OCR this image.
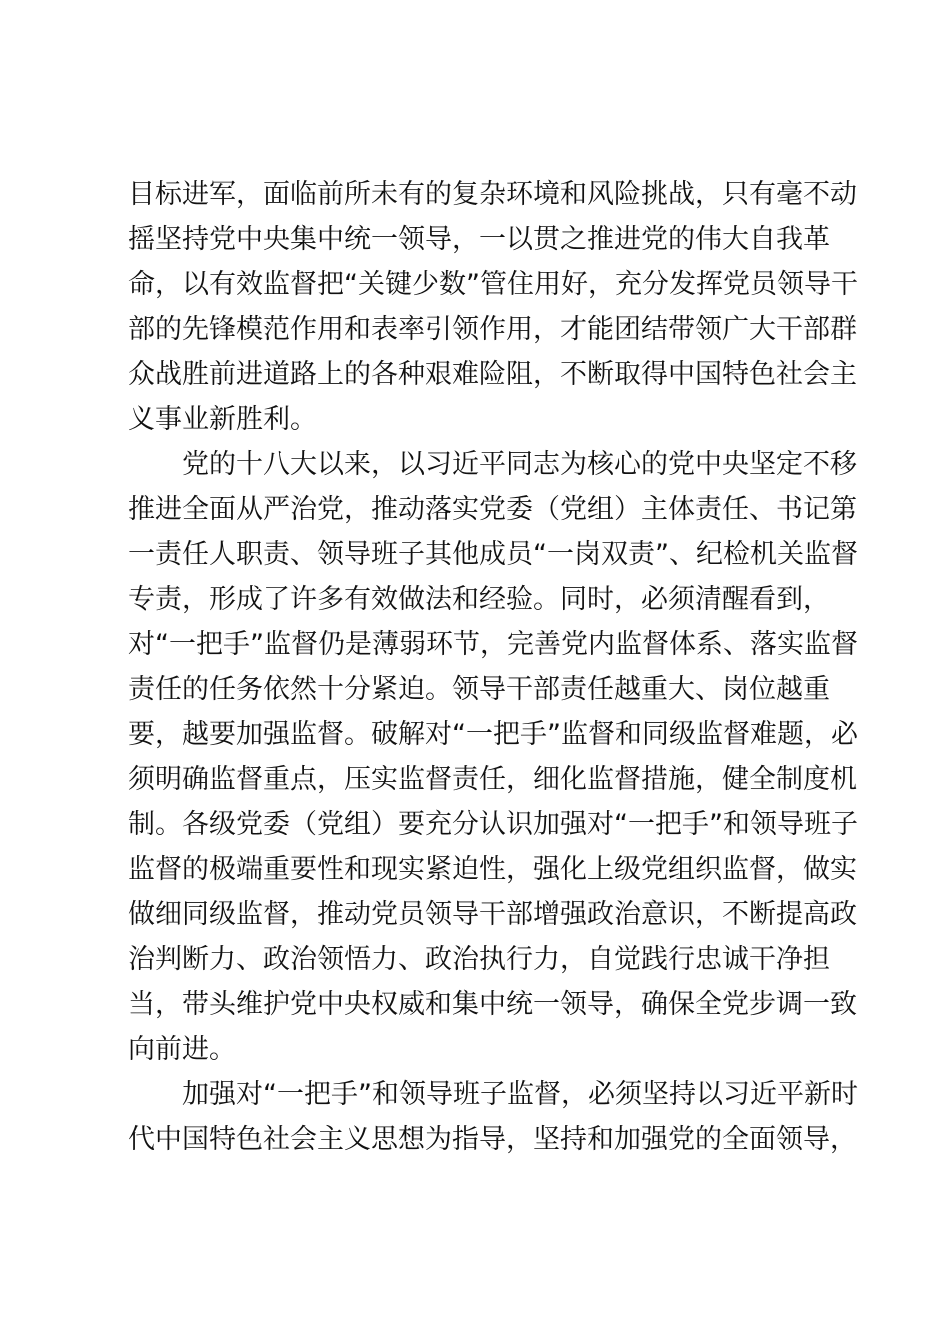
目标进军，面临前所未有的复杂环境和风险挑战，只有毫不动
摇坚持党中央集中统一领导，一以贯之推进党的伟大自我革
命，以有效监督把“关键少数”管住用好，充分发挥党员领导干
部的先锋模范作用和表率引领作用，才能团结带领广大干部群
众战胜前进道路上的各种艰难险阻，不断取得中国特色社会主
义事业新胜利。
党的十八大以来，以习近平同志为核心的党中央坚定不移
推进全面从严治党，推动落实党委（党组）主体责任、书记第
一责任人职责、领导班子其他成员“一岗双责”、纪检机关监督
专责，形成了许多有效做法和经验。同时，必须清醒看到，
对“一把手”监督仍是薄弱环节，完善党内监督体系、落实监督
责任的任务依然十分紧迫。领导干部责任越重大、岗位越重
要，越要加强监督。破解对“一把手”监督和同级监督难题，必
须明确监督重点，压实监督责任，细化监督措施，健全制度机
制。各级党委（党组）要充分认识加强对“一把手”和领导班子
监督的极端重要性和现实紧迫性，强化上级党组织监督，做实
做细同级监督，推动党员领导干部增强政治意识，不断提高政
治判断力、政治领悟力、政治执行力，自觉践行忠诚干净担
当，带头维护党中央权威和集中统一领导，确保全党步调一致
向前进。
加强对“一把手”和领导班子监督，必须坚持以习近平新时
代中国特色社会主义思想为指导，坚持和加强党的全面领导，
